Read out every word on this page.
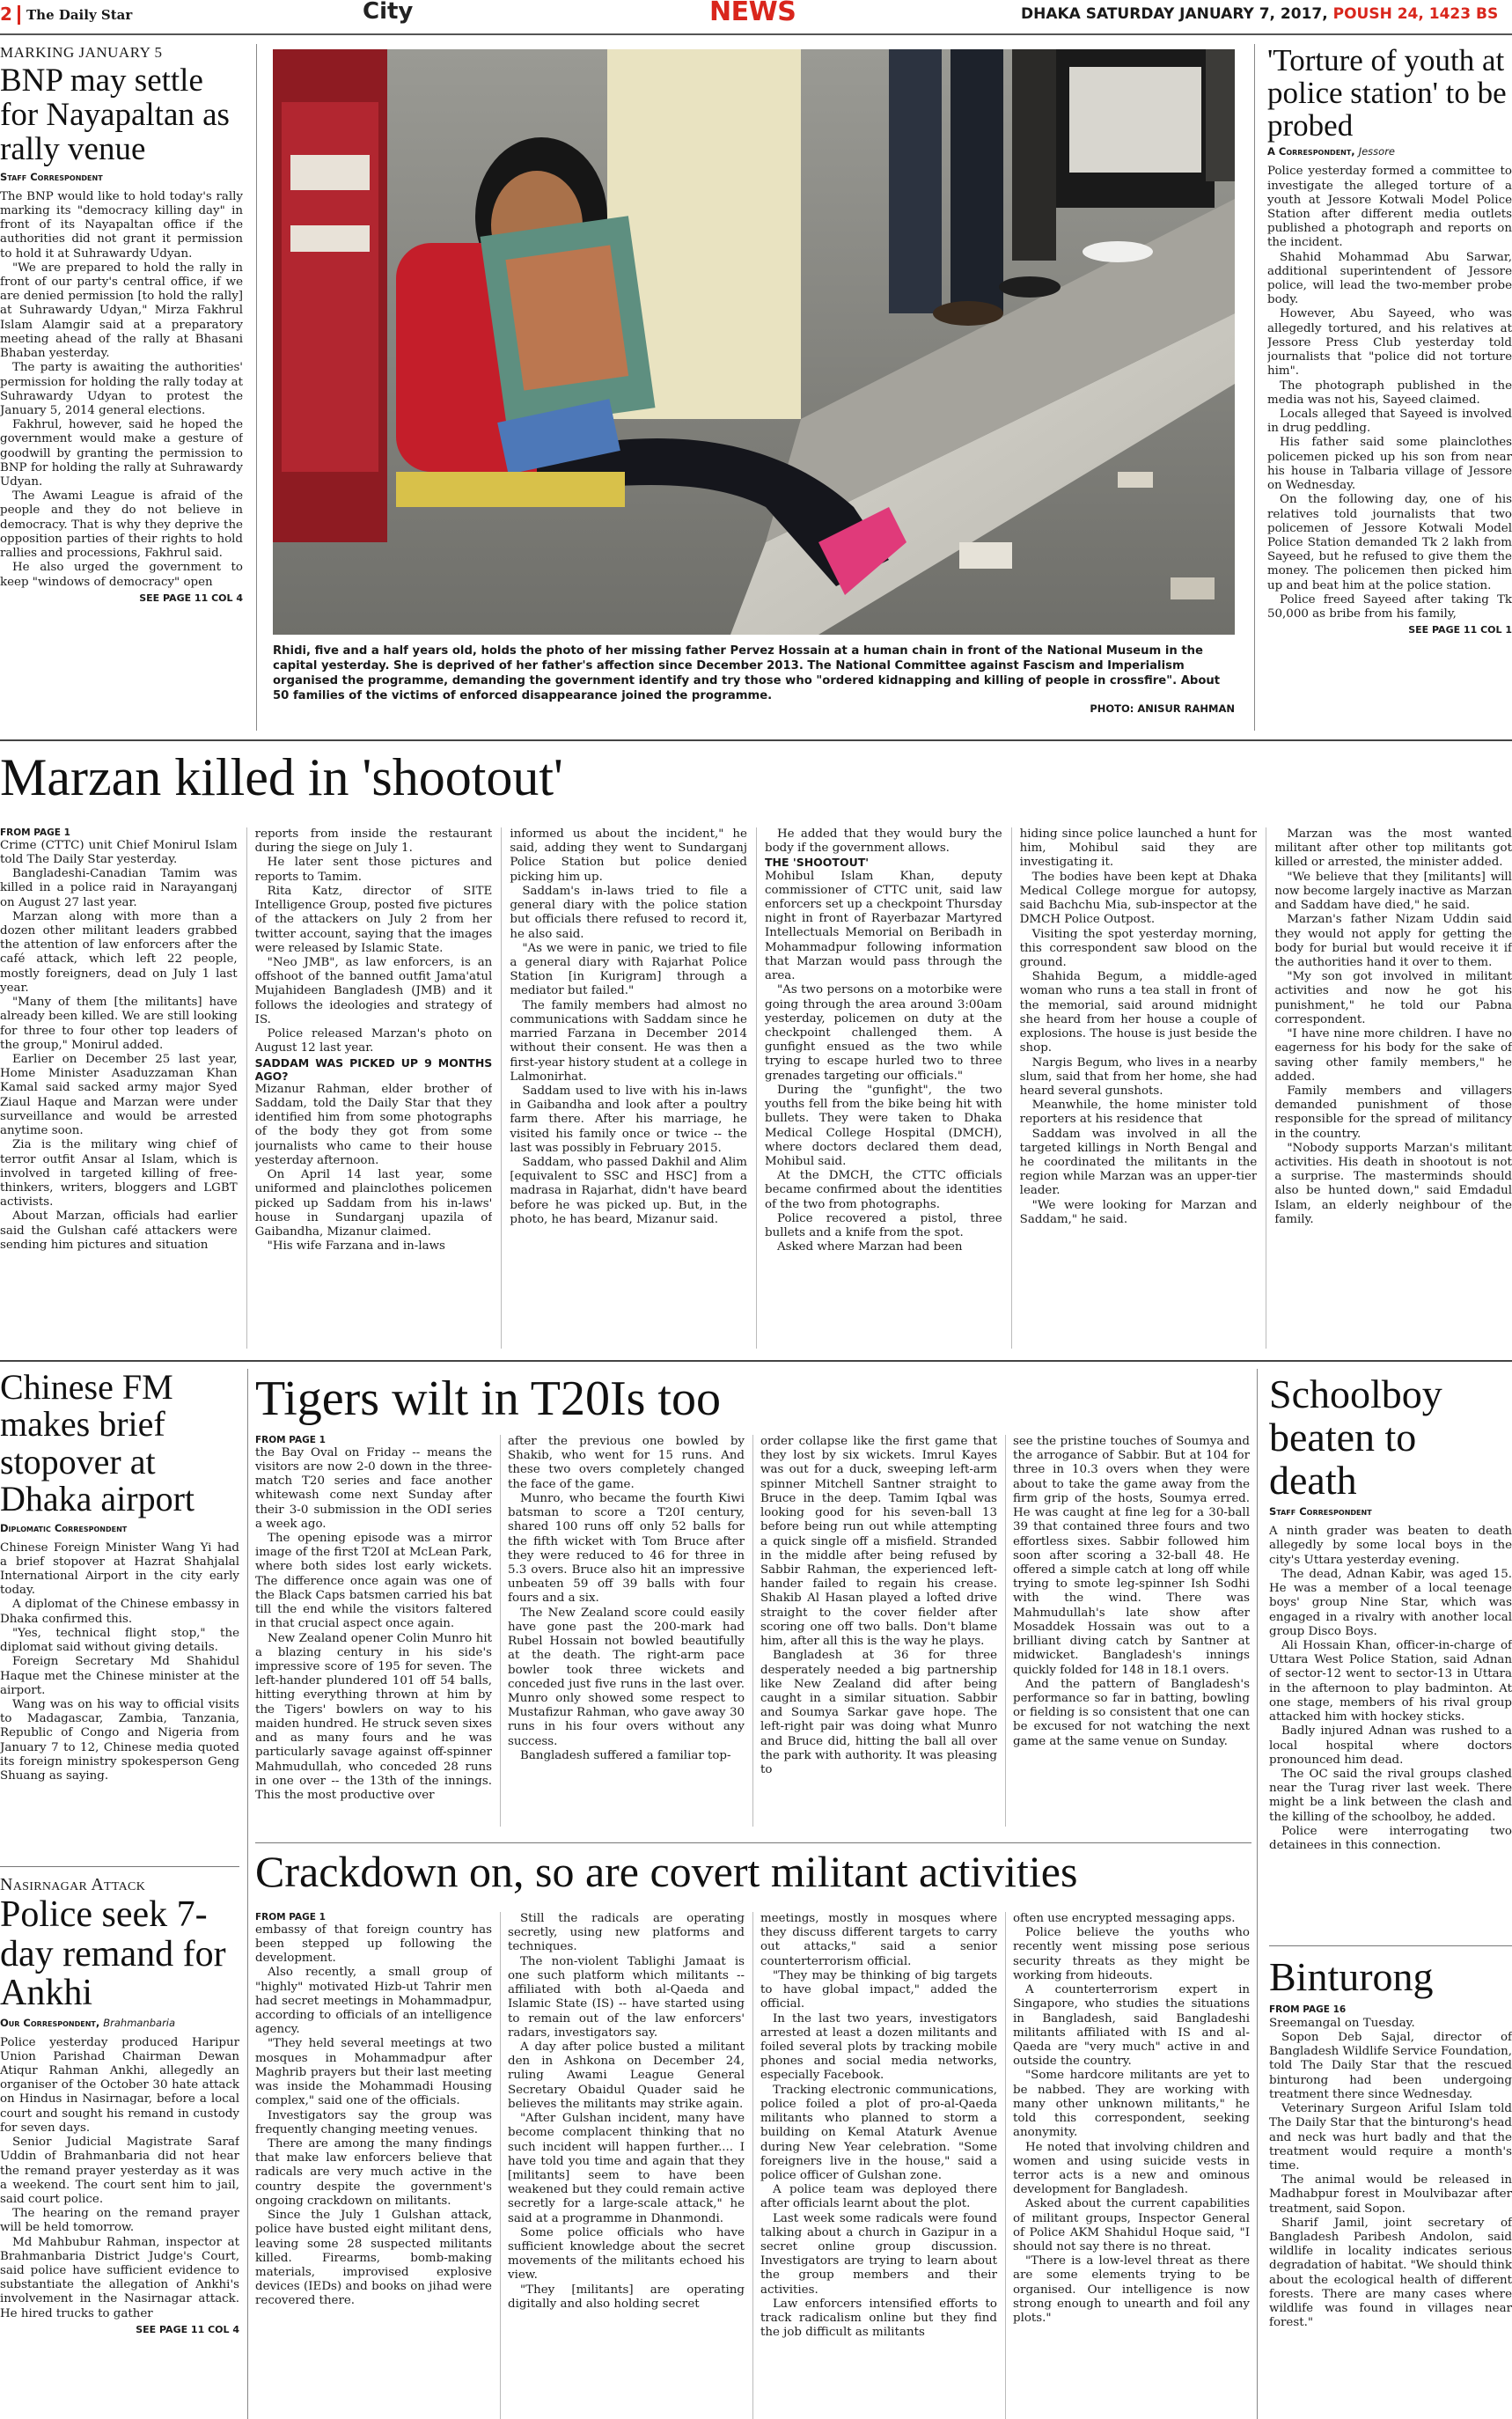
2 The Daily Star	City	NEWS	DHAKA SATURDAY JANUARY 7, 2017, POUSH 24, 1423 BS
MARKING JANUARY 5
BNP may settle for Nayapaltan as rally venue
Staff Correspondent

The BNP would like to hold today's rally marking its "democracy killing day" in front of its Nayapaltan office if the authorities did not grant it permission to hold it at Suhrawardy Udyan.

"We are prepared to hold the rally in front of our party's central office, if we are denied permission [to hold the rally] at Suhrawardy Udyan," Mirza Fakhrul Islam Alamgir said at a preparatory meeting ahead of the rally at Bhasani Bhaban yesterday.

The party is awaiting the authorities' permission for holding the rally today at Suhrawardy Udyan to protest the January 5, 2014 general elections.

Fakhrul, however, said he hoped the government would make a gesture of goodwill by granting the permission to BNP for holding the rally at Suhrawardy Udyan.

The Awami League is afraid of the people and they do not believe in democracy. That is why they deprive the opposition parties of their rights to hold rallies and processions, Fakhrul said.

He also urged the government to keep "windows of democracy" open

SEE PAGE 11 COL 4
Rhidi, five and a half years old, holds the photo of her missing father Pervez Hossain at a human chain in front of the National Museum in the capital yesterday. She is deprived of her father's affection since December 2013. The National Committee against Fascism and Imperialism organised the programme, demanding the government identify and try those who "ordered kidnapping and killing of people in crossfire". About 50 families of the victims of enforced disappearance joined the programme.
PHOTO: ANISUR RAHMAN
'Torture of youth at police station' to be probed
A Correspondent, Jessore

Police yesterday formed a committee to investigate the alleged torture of a youth at Jessore Kotwali Model Police Station after different media outlets published a photograph and reports on the incident.

Shahid Mohammad Abu Sarwar, additional superintendent of Jessore police, will lead the two-member probe body.

However, Abu Sayeed, who was allegedly tortured, and his relatives at Jessore Press Club yesterday told journalists that "police did not torture him".

The photograph published in the media was not his, Sayeed claimed.

Locals alleged that Sayeed is involved in drug peddling.

His father said some plainclothes policemen picked up his son from near his house in Talbaria village of Jessore on Wednesday.

On the following day, one of his relatives told journalists that two policemen of Jessore Kotwali Model Police Station demanded Tk 2 lakh from Sayeed, but he refused to give them the money. The policemen then picked him up and beat him at the police station.

Police freed Sayeed after taking Tk 50,000 as bribe from his family,

SEE PAGE 11 COL 1
Marzan killed in 'shootout'
FROM PAGE 1

Crime (CTTC) unit Chief Monirul Islam told The Daily Star yesterday.

Bangladeshi-Canadian Tamim was killed in a police raid in Narayanganj on August 27 last year.

Marzan along with more than a dozen other militant leaders grabbed the attention of law enforcers after the café attack, which left 22 people, mostly foreigners, dead on July 1 last year.

"Many of them [the militants] have already been killed. We are still looking for three to four other top leaders of the group," Monirul added.

Earlier on December 25 last year, Home Minister Asaduzzaman Khan Kamal said sacked army major Syed Ziaul Haque and Marzan were under surveillance and would be arrested anytime soon.

Zia is the military wing chief of terror outfit Ansar al Islam, which is involved in targeted killing of free-thinkers, writers, bloggers and LGBT activists.

About Marzan, officials had earlier said the Gulshan café attackers were sending him pictures and situation

reports from inside the restaurant during the siege on July 1.

He later sent those pictures and reports to Tamim.

Rita Katz, director of SITE Intelligence Group, posted five pictures of the attackers on July 2 from her twitter account, saying that the images were released by Islamic State.

"Neo JMB", as law enforcers, is an offshoot of the banned outfit Jama'atul Mujahideen Bangladesh (JMB) and it follows the ideologies and strategy of IS.

Police released Marzan's photo on August 12 last year.

SADDAM WAS PICKED UP 9 MONTHS AGO?

Mizanur Rahman, elder brother of Saddam, told the Daily Star that they identified him from some photographs of the body they got from some journalists who came to their house yesterday afternoon.

On April 14 last year, some uniformed and plainclothes policemen picked up Saddam from his in-laws' house in Sundarganj upazila of Gaibandha, Mizanur claimed.

"His wife Farzana and in-laws

informed us about the incident," he said, adding they went to Sundarganj Police Station but police denied picking him up.

Saddam's in-laws tried to file a general diary with the police station but officials there refused to record it, he also said.

"As we were in panic, we tried to file a general diary with Rajarhat Police Station [in Kurigram] through a mediator but failed."

The family members had almost no communications with Saddam since he married Farzana in December 2014 without their consent. He was then a first-year history student at a college in Lalmonirhat.

Saddam used to live with his in-laws in Gaibandha and look after a poultry farm there. After his marriage, he visited his family once or twice -- the last was possibly in February 2015.

Saddam, who passed Dakhil and Alim [equivalent to SSC and HSC] from a madrasa in Rajarhat, didn't have beard before he was picked up. But, in the photo, he has beard, Mizanur said.

He added that they would bury the body if the government allows.

THE 'SHOOTOUT'

Mohibul Islam Khan, deputy commissioner of CTTC unit, said law enforcers set up a checkpoint Thursday night in front of Rayerbazar Martyred Intellectuals Memorial on Beribadh in Mohammadpur following information that Marzan would pass through the area.

"As two persons on a motorbike were going through the area around 3:00am yesterday, policemen on duty at the checkpoint challenged them. A gunfight ensued as the two while trying to escape hurled two to three grenades targeting our officials."

During the "gunfight", the two youths fell from the bike being hit with bullets. They were taken to Dhaka Medical College Hospital (DMCH), where doctors declared them dead, Mohibul said.

At the DMCH, the CTTC officials became confirmed about the identities of the two from photographs.

Police recovered a pistol, three bullets and a knife from the spot.

Asked where Marzan had been

hiding since police launched a hunt for him, Mohibul said they are investigating it.

The bodies have been kept at Dhaka Medical College morgue for autopsy, said Bachchu Mia, sub-inspector at the DMCH Police Outpost.

Visiting the spot yesterday morning, this correspondent saw blood on the ground.

Shahida Begum, a middle-aged woman who runs a tea stall in front of the memorial, said around midnight she heard from her house a couple of explosions. The house is just beside the shop.

Nargis Begum, who lives in a nearby slum, said that from her home, she had heard several gunshots.

Meanwhile, the home minister told reporters at his residence that

Saddam was involved in all the targeted killings in North Bengal and he coordinated the militants in the region while Marzan was an upper-tier leader.

"We were looking for Marzan and Saddam," he said.

Marzan was the most wanted militant after other top militants got killed or arrested, the minister added.

"We believe that they [militants] will now become largely inactive as Marzan and Saddam have died," he said.

Marzan's father Nizam Uddin said they would not apply for getting the body for burial but would receive it if the authorities hand it over to them.

"My son got involved in militant activities and now he got his punishment," he told our Pabna correspondent.

"I have nine more children. I have no eagerness for his body for the sake of saving other family members," he added.

Family members and villagers demanded punishment of those responsible for the spread of militancy in the country.

"Nobody supports Marzan's militant activities. His death in shootout is not a surprise. The masterminds should also be hunted down," said Emdadul Islam, an elderly neighbour of the family.

Chinese FM makes brief stopover at Dhaka airport
Diplomatic Correspondent

Chinese Foreign Minister Wang Yi had a brief stopover at Hazrat Shahjalal International Airport in the city early today.

A diplomat of the Chinese embassy in Dhaka confirmed this.

"Yes, technical flight stop," the diplomat said without giving details.

Foreign Secretary Md Shahidul Haque met the Chinese minister at the airport.

Wang was on his way to official visits to Madagascar, Zambia, Tanzania, Republic of Congo and Nigeria from January 7 to 12, Chinese media quoted its foreign ministry spokesperson Geng Shuang as saying.

Nasirnagar Attack
Police seek 7-day remand for Ankhi
Our Correspondent, Brahmanbaria

Police yesterday produced Haripur Union Parishad Chairman Dewan Atiqur Rahman Ankhi, allegedly an organiser of the October 30 hate attack on Hindus in Nasirnagar, before a local court and sought his remand in custody for seven days.

Senior Judicial Magistrate Saraf Uddin of Brahmanbaria did not hear the remand prayer yesterday as it was a weekend. The court sent him to jail, said court police.

The hearing on the remand prayer will be held tomorrow.

Md Mahbubur Rahman, inspector at Brahmanbaria District Judge's Court, said police have sufficient evidence to substantiate the allegation of Ankhi's involvement in the Nasirnagar attack. He hired trucks to gather

SEE PAGE 11 COL 4
Tigers wilt in T20Is too
FROM PAGE 1

the Bay Oval on Friday -- means the visitors are now 2-0 down in the three-match T20 series and face another whitewash come next Sunday after their 3-0 submission in the ODI series a week ago.

The opening episode was a mirror image of the first T20I at McLean Park, where both sides lost early wickets. The difference once again was one of the Black Caps batsmen carried his bat till the end while the visitors faltered in that crucial aspect once again.

New Zealand opener Colin Munro hit a blazing century in his side's impressive score of 195 for seven. The left-hander plundered 101 off 54 balls, hitting everything thrown at him by the Tigers' bowlers on way to his maiden hundred. He struck seven sixes and as many fours and he was particularly savage against off-spinner Mahmudullah, who conceded 28 runs in one over -- the 13th of the innings. This the most productive over

after the previous one bowled by Shakib, who went for 15 runs. And these two overs completely changed the face of the game.

Munro, who became the fourth Kiwi batsman to score a T20I century, shared 100 runs off only 52 balls for the fifth wicket with Tom Bruce after they were reduced to 46 for three in 5.3 overs. Bruce also hit an impressive unbeaten 59 off 39 balls with four fours and a six.

The New Zealand score could easily have gone past the 200-mark had Rubel Hossain not bowled beautifully at the death. The right-arm pace bowler took three wickets and conceded just five runs in the last over. Munro only showed some respect to Mustafizur Rahman, who gave away 30 runs in his four overs without any success.

Bangladesh suffered a familiar top-

order collapse like the first game that they lost by six wickets. Imrul Kayes was out for a duck, sweeping left-arm spinner Mitchell Santner straight to Bruce in the deep. Tamim Iqbal was looking good for his seven-ball 13 before being run out while attempting a quick single off a misfield. Stranded in the middle after being refused by Sabbir Rahman, the experienced left-hander failed to regain his crease. Shakib Al Hasan played a lofted drive straight to the cover fielder after scoring one off two balls. Don't blame him, after all this is the way he plays.

Bangladesh at 36 for three desperately needed a big partnership like New Zealand did after being caught in a similar situation. Sabbir and Soumya Sarkar gave hope. The left-right pair was doing what Munro and Bruce did, hitting the ball all over the park with authority. It was pleasing to

see the pristine touches of Soumya and the arrogance of Sabbir. But at 104 for three in 10.3 overs when they were about to take the game away from the firm grip of the hosts, Soumya erred. He was caught at fine leg for a 30-ball 39 that contained three fours and two effortless sixes. Sabbir followed him soon after scoring a 32-ball 48. He offered a simple catch at long off while trying to smote leg-spinner Ish Sodhi with the wind. There was Mahmudullah's late show after Mosaddek Hossain was out to a brilliant diving catch by Santner at midwicket. Bangladesh's innings quickly folded for 148 in 18.1 overs.

And the pattern of Bangladesh's performance so far in batting, bowling or fielding is so consistent that one can be excused for not watching the next game at the same venue on Sunday.

Crackdown on, so are covert militant activities
FROM PAGE 1

embassy of that foreign country has been stepped up following the development.

Also recently, a small group of "highly" motivated Hizb-ut Tahrir men had secret meetings in Mohammadpur, according to officials of an intelligence agency.

"They held several meetings at two mosques in Mohammadpur after Maghrib prayers but their last meeting was inside the Mohammadi Housing complex," said one of the officials.

Investigators say the group was frequently changing meeting venues.

There are among the many findings that make law enforcers believe that radicals are very much active in the country despite the government's ongoing crackdown on militants.

Since the July 1 Gulshan attack, police have busted eight militant dens, leaving some 28 suspected militants killed. Firearms, bomb-making materials, improvised explosive devices (IEDs) and books on jihad were recovered there.

Still the radicals are operating secretly, using new platforms and techniques.

The non-violent Tablighi Jamaat is one such platform which militants -- affiliated with both al-Qaeda and Islamic State (IS) -- have started using to remain out of the law enforcers' radars, investigators say.

A day after police busted a militant den in Ashkona on December 24, ruling Awami League General Secretary Obaidul Quader said he believes the militants may strike again.

"After Gulshan incident, many have become complacent thinking that no such incident will happen further.... I have told you time and again that they [militants] seem to have been weakened but they could remain active secretly for a large-scale attack," he said at a programme in Dhanmondi.

Some police officials who have sufficient knowledge about the secret movements of the militants echoed his view.

"They [militants] are operating digitally and also holding secret

meetings, mostly in mosques where they discuss different targets to carry out attacks," said a senior counterterrorism official.

"They may be thinking of big targets to have global impact," added the official.

In the last two years, investigators arrested at least a dozen militants and foiled several plots by tracking mobile phones and social media networks, especially Facebook.

Tracking electronic communications, police foiled a plot of pro-al-Qaeda militants who planned to storm a building on Kemal Ataturk Avenue during New Year celebration. "Some foreigners live in the house," said a police officer of Gulshan zone.

A police team was deployed there after officials learnt about the plot.

Last week some radicals were found talking about a church in Gazipur in a secret online group discussion. Investigators are trying to learn about the group members and their activities.

Law enforcers intensified efforts to track radicalism online but they find the job difficult as militants

often use encrypted messaging apps.

Police believe the youths who recently went missing pose serious security threats as they might be working from hideouts.

A counterterrorism expert in Singapore, who studies the situations in Bangladesh, said Bangladeshi militants affiliated with IS and al-Qaeda are "very much" active in and outside the country.

"Some hardcore militants are yet to be nabbed. They are working with many other unknown militants," he told this correspondent, seeking anonymity.

He noted that involving children and women and using suicide vests in terror acts is a new and ominous development for Bangladesh.

Asked about the current capabilities of militant groups, Inspector General of Police AKM Shahidul Hoque said, "I should not say there is no threat.

"There is a low-level threat as there are some elements trying to be organised. Our intelligence is now strong enough to unearth and foil any plots."

Schoolboy beaten to death
Staff Correspondent

A ninth grader was beaten to death allegedly by some local boys in the city's Uttara yesterday evening.

The dead, Adnan Kabir, was aged 15. He was a member of a local teenage boys' group Nine Star, which was engaged in a rivalry with another local group Disco Boys.

Ali Hossain Khan, officer-in-charge of Uttara West Police Station, said Adnan of sector-12 went to sector-13 in Uttara in the afternoon to play badminton. At one stage, members of his rival group attacked him with hockey sticks.

Badly injured Adnan was rushed to a local hospital where doctors pronounced him dead.

The OC said the rival groups clashed near the Turag river last week. There might be a link between the clash and the killing of the schoolboy, he added.

Police were interrogating two detainees in this connection.

Binturong
FROM PAGE 16

Sreemangal on Tuesday.

Sopon Deb Sajal, director of Bangladesh Wildlife Service Foundation, told The Daily Star that the rescued binturong had been undergoing treatment there since Wednesday.

Veterinary Surgeon Ariful Islam told The Daily Star that the binturong's head and neck was hurt badly and that the treatment would require a month's time.

The animal would be released in Madhabpur forest in Moulvibazar after treatment, said Sopon.

Sharif Jamil, joint secretary of Bangladesh Paribesh Andolon, said wildlife in locality indicates serious degradation of habitat. "We should think about the ecological health of different forests. There are many cases where wildlife was found in villages near forest."
